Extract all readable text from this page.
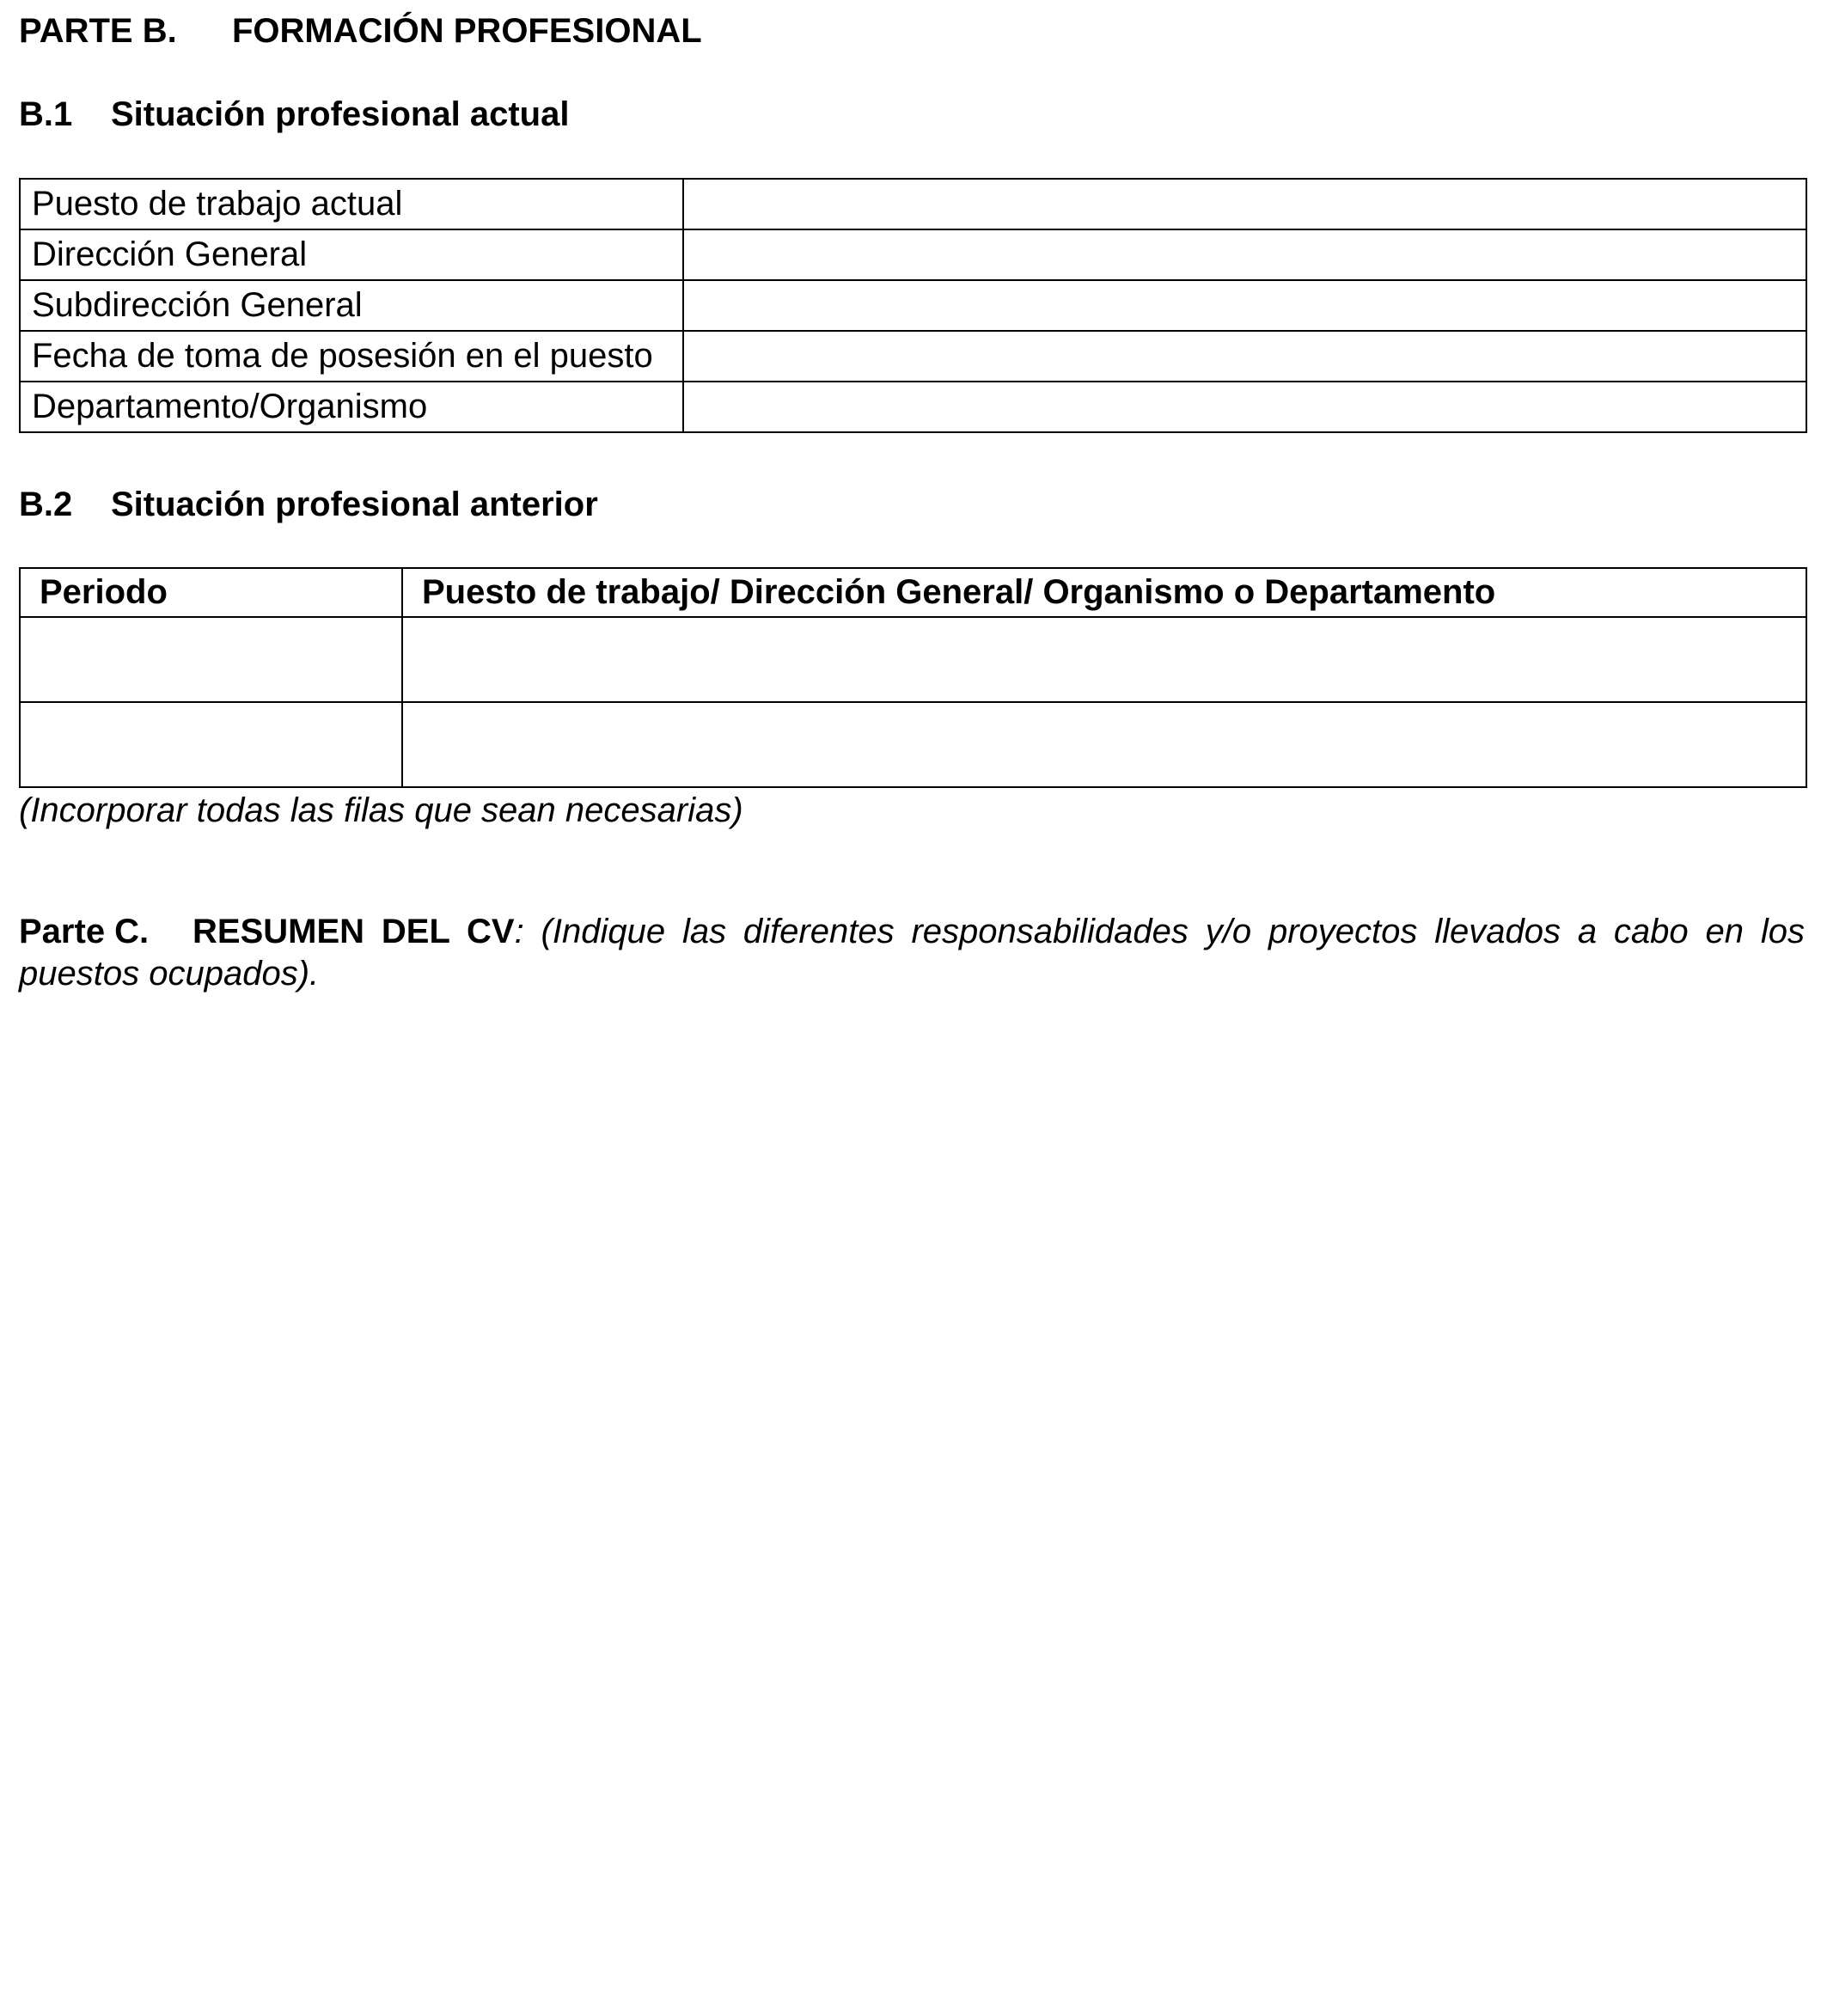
PARTE B. FORMACIÓN PROFESIONAL
B.1 Situación profesional actual
Puesto de trabajo actual	
Dirección General	
Subdirección General	
Fecha de toma de posesión en el puesto	
Departamento/Organismo	
B.2 Situación profesional anterior
Periodo	Puesto de trabajo/ Dirección General/ Organismo o Departamento

(Incorporar todas las filas que sean necesarias)
Parte C. RESUMEN DEL CV: (Indique las diferentes responsabilidades y/o proyectos llevados a cabo en los puestos ocupados).
